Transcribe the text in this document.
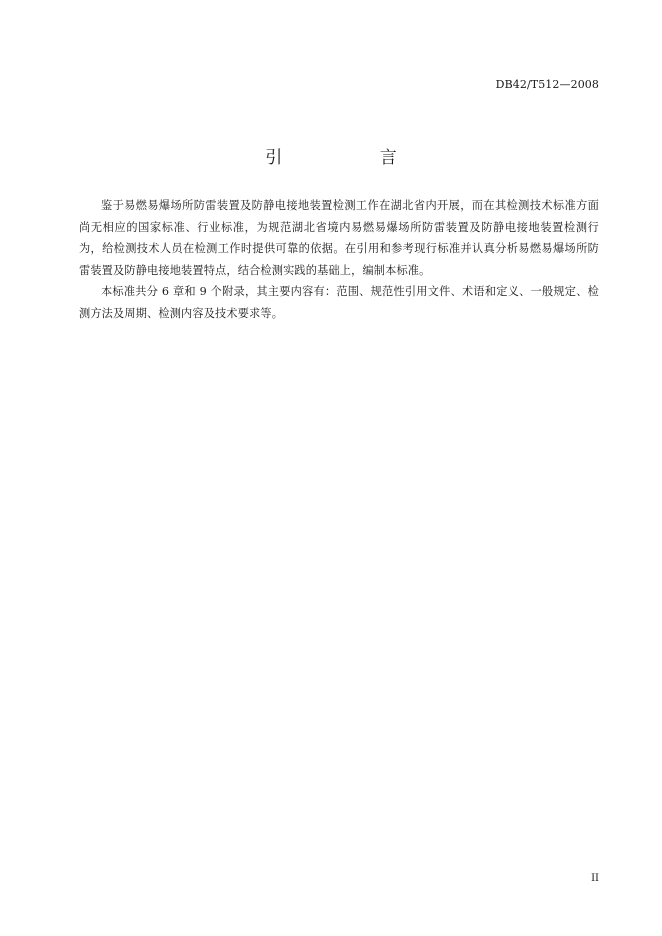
DB42/T512—2008
引 言

鉴于易燃易爆场所防雷装置及防静电接地装置检测工作在湖北省内开展，而在其检测技术标准方面尚无相应的国家标准、行业标准，为规范湖北省境内易燃易爆场所防雷装置及防静电接地装置检测行为，给检测技术人员在检测工作时提供可靠的依据。在引用和参考现行标准并认真分析易燃易爆场所防雷装置及防静电接地装置特点，结合检测实践的基础上，编制本标准。

本标准共分 6 章和 9 个附录，其主要内容有：范围、规范性引用文件、术语和定义、一般规定、检测方法及周期、检测内容及技术要求等。

II
